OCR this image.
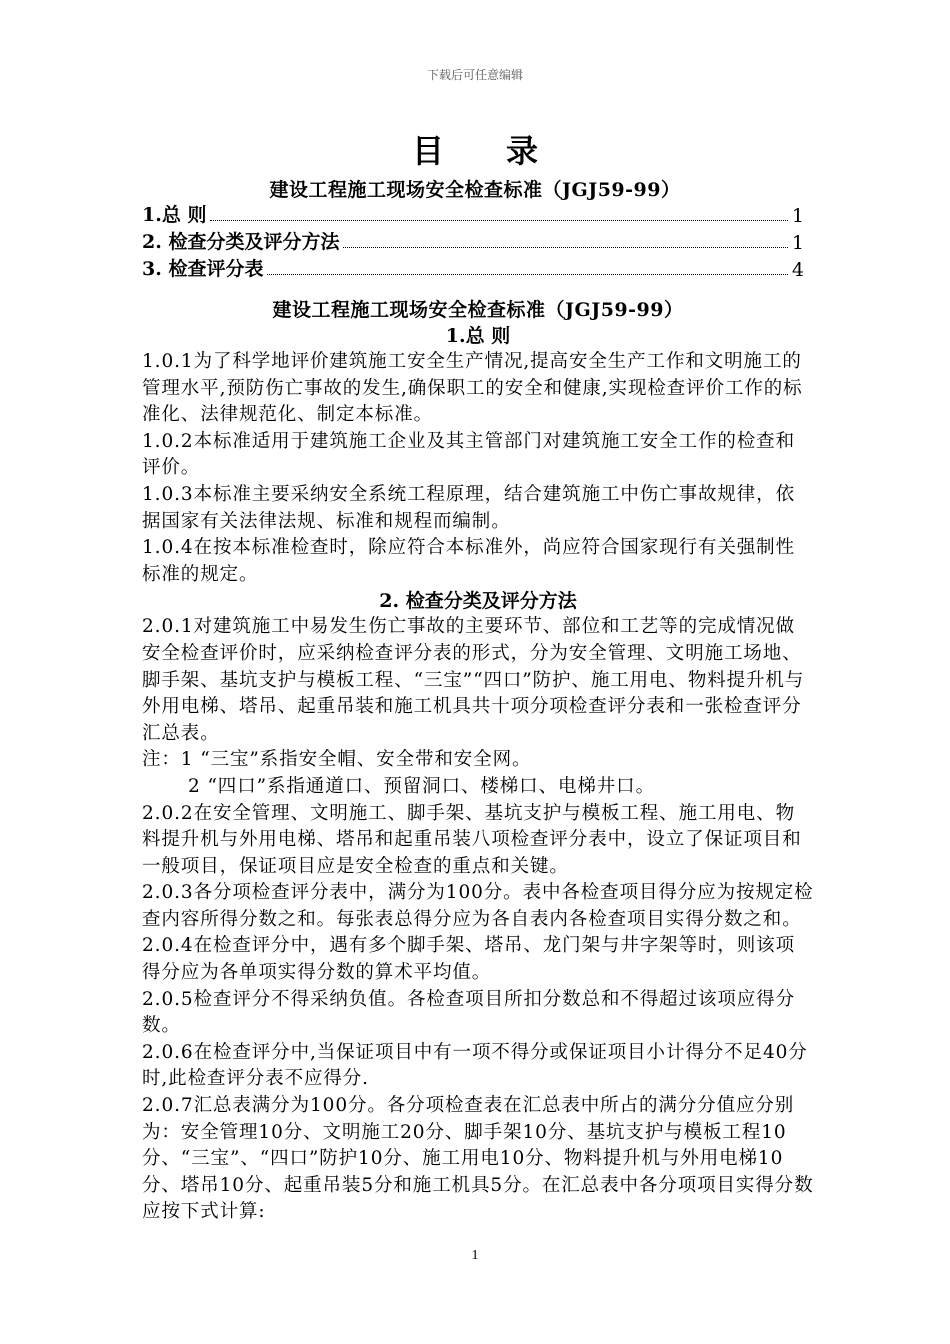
下载后可任意编辑
目录
建设工程施工现场安全检查标准（JGJ59-99）
1.总 则	1
2. 检查分类及评分方法	1
3. 检查评分表	4
建设工程施工现场安全检查标准（JGJ59-99）
1.总 则

1.0.1为了科学地评价建筑施工安全生产情况,提高安全生产工作和文明施工的管理水平,预防伤亡事故的发生,确保职工的安全和健康,实现检查评价工作的标准化、法律规范化、制定本标准。

1.0.2本标准适用于建筑施工企业及其主管部门对建筑施工安全工作的检查和评价。

1.0.3本标准主要采纳安全系统工程原理，结合建筑施工中伤亡事故规律，依据国家有关法律法规、标准和规程而编制。

1.0.4在按本标准检查时，除应符合本标准外，尚应符合国家现行有关强制性标准的规定。

2. 检查分类及评分方法

2.0.1对建筑施工中易发生伤亡事故的主要环节、部位和工艺等的完成情况做安全检查评价时，应采纳检查评分表的形式，分为安全管理、文明施工场地、脚手架、基坑支护与模板工程、“三宝”“四口”防护、施工用电、物料提升机与外用电梯、塔吊、起重吊装和施工机具共十项分项检查评分表和一张检查评分汇总表。

注：1 “三宝”系指安全帽、安全带和安全网。

2 “四口”系指通道口、预留洞口、楼梯口、电梯井口。

2.0.2在安全管理、文明施工、脚手架、基坑支护与模板工程、施工用电、物料提升机与外用电梯、塔吊和起重吊装八项检查评分表中，设立了保证项目和一般项目，保证项目应是安全检查的重点和关键。

2.0.3各分项检查评分表中，满分为100分。表中各检查项目得分应为按规定检查内容所得分数之和。每张表总得分应为各自表内各检查项目实得分数之和。

2.0.4在检查评分中，遇有多个脚手架、塔吊、龙门架与井字架等时，则该项得分应为各单项实得分数的算术平均值。

2.0.5检查评分不得采纳负值。各检查项目所扣分数总和不得超过该项应得分数。

2.0.6在检查评分中,当保证项目中有一项不得分或保证项目小计得分不足40分时,此检查评分表不应得分.

2.0.7汇总表满分为100分。各分项检查表在汇总表中所占的满分分值应分别为：安全管理10分、文明施工20分、脚手架10分、基坑支护与模板工程10分、“三宝”、“四口”防护10分、施工用电10分、物料提升机与外用电梯10分、塔吊10分、起重吊装5分和施工机具5分。在汇总表中各分项项目实得分数应按下式计算:

1
